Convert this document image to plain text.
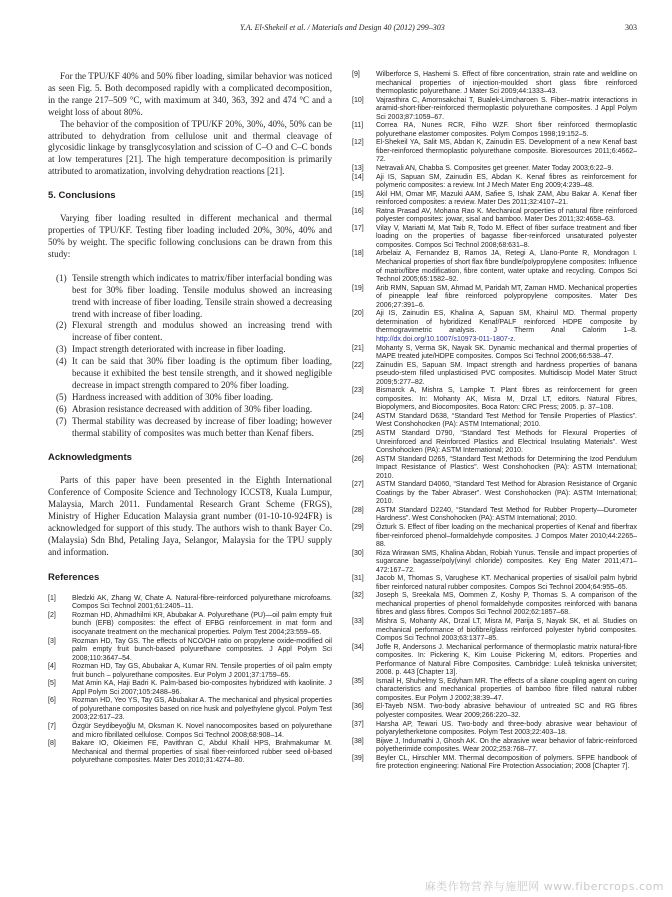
Y.A. El-Shekeil et al. / Materials and Design 40 (2012) 299–303	303

For the TPU/KF 40% and 50% fiber loading, similar behavior was noticed as seen Fig. 5. Both decomposed rapidly with a complicated decomposition, in the range 217–509 °C, with maximum at 340, 363, 392 and 474 °C and a weight loss of about 80%.

The behavior of the composition of TPU/KF 20%, 30%, 40%, 50% can be attributed to dehydration from cellulose unit and thermal cleavage of glycosidic linkage by transglycosylation and scission of C–O and C–C bonds at low temperatures [21]. The high temperature decomposition is primarily attributed to aromatization, involving dehydration reactions [21].

5. Conclusions

Varying fiber loading resulted in different mechanical and thermal properties of TPU/KF. Testing fiber loading included 20%, 30%, 40% and 50% by weight. The specific following conclusions can be drawn from this study:

(1) Tensile strength which indicates to matrix/fiber interfacial bonding was best for 30% fiber loading. Tensile modulus showed an increasing trend with increase of fiber loading. Tensile strain showed a decreasing trend with increase of fiber loading.
(2) Flexural strength and modulus showed an increasing trend with increase of fiber content.
(3) Impact strength deteriorated with increase in fiber loading.
(4) It can be said that 30% fiber loading is the optimum fiber loading, because it exhibited the best tensile strength, and it showed negligible decrease in impact strength compared to 20% fiber loading.
(5) Hardness increased with addition of 30% fiber loading.
(6) Abrasion resistance decreased with addition of 30% fiber loading.
(7) Thermal stability was decreased by increase of fiber loading; however thermal stability of composites was much better than Kenaf fibers.
Acknowledgments

Parts of this paper have been presented in the Eighth International Conference of Composite Science and Technology ICCST8, Kuala Lumpur, Malaysia, March 2011. Fundamental Research Grant Scheme (FRGS), Ministry of Higher Education Malaysia grant number (01-10-10-924FR) is acknowledged for support of this study. The authors wish to thank Bayer Co. (Malaysia) Sdn Bhd, Petaling Jaya, Selangor, Malaysia for the TPU supply and information.

References
[1] Bledzki AK, Zhang W, Chate A. Natural-fibre-reinforced polyurethane microfoams. Compos Sci Technol 2001;61:2405–11.
[2] Rozman HD, Ahmadhilmi KR, Abubakar A. Polyurethane (PU)—oil palm empty fruit bunch (EFB) composites: the effect of EFBG reinforcement in mat form and isocyanate treatment on the mechanical properties. Polym Test 2004;23:559–65.
[3] Rozman HD, Tay GS. The effects of NCO/OH ratio on propylene oxide-modified oil palm empty fruit bunch-based polyurethane composites. J Appl Polym Sci 2008;110:3647–54.
[4] Rozman HD, Tay GS, Abubakar A, Kumar RN. Tensile properties of oil palm empty fruit bunch – polyurethane composites. Eur Polym J 2001;37:1759–65.
[5] Mat Amin KA, Haji Badri K. Palm-based bio-composites hybridized with kaolinite. J Appl Polym Sci 2007;105:2488–96.
[6] Rozman HD, Yeo YS, Tay GS, Abubakar A. The mechanical and physical properties of polyurethane composites based on rice husk and polyethylene glycol. Polym Test 2003;22:617–23.
[7] Özgür Seydibeyoğlu M, Oksman K. Novel nanocomposites based on polyurethane and micro fibrillated cellulose. Compos Sci Technol 2008;68:908–14.
[8] Bakare IO, Okieimen FE, Pavithran C, Abdul Khalil HPS, Brahmakumar M. Mechanical and thermal properties of sisal fiber-reinforced rubber seed oil-based polyurethane composites. Mater Des 2010;31:4274–80.
[9] Wilberforce S, Hashemi S. Effect of fibre concentration, strain rate and weldline on mechanical properties of injection-moulded short glass fibre reinforced thermoplastic polyurethane. J Mater Sci 2009;44:1333–43.
[10] Vajrasthira C, Amornsakchai T, Bualek-Limcharoen S. Fiber–matrix interactions in aramid-short-fiber-reinforced thermoplastic polyurethane composites. J Appl Polym Sci 2003;87:1059–67.
[11] Correa RA, Nunes RCR, Filho WZF. Short fiber reinforced thermoplastic polyurethane elastomer composites. Polym Compos 1998;19:152–5.
[12] El-Shekeil YA, Salit MS, Abdan K, Zainudin ES. Development of a new Kenaf bast fiber-reinforced thermoplastic polyurethane composite. Bioresources 2011;6:4662–72.
[13] Netravali AN, Chabba S. Composites get greener. Mater Today 2003;6:22–9.
[14] Aji IS, Sapuan SM, Zainudin ES, Abdan K. Kenaf fibres as reinforcement for polymeric composites: a review. Int J Mech Mater Eng 2009;4:239–48.
[15] Akil HM, Omar MF, Mazuki AAM, Safiee S, Ishak ZAM, Abu Bakar A. Kenaf fiber reinforced composites: a review. Mater Des 2011;32:4107–21.
[16] Ratna Prasad AV, Mohana Rao K. Mechanical properties of natural fibre reinforced polyester composites: jowar, sisal and bamboo. Mater Des 2011;32:4658–63.
[17] Vilay V, Mariatti M, Mat Taib R, Todo M. Effect of fiber surface treatment and fiber loading on the properties of bagasse fiber-reinforced unsaturated polyester composites. Compos Sci Technol 2008;68:631–8.
[18] Arbelaiz A, Fernandez B, Ramos JA, Retegi A, Llano-Ponte R, Mondragon I. Mechanical properties of short flax fibre bundle/polypropylene composites: Influence of matrix/fibre modification, fibre content, water uptake and recycling. Compos Sci Technol 2005;65:1582–92.
[19] Arib RMN, Sapuan SM, Ahmad M, Paridah MT, Zaman HMD. Mechanical properties of pineapple leaf fibre reinforced polypropylene composites. Mater Des 2006;27:391–6.
[20] Aji IS, Zainudin ES, Khalina A, Sapuan SM, Khairul MD. Thermal property determination of hybridized Kenaf/PALF reinforced HDPE composite by thermogravimetric analysis. J Therm Anal Calorim 1–8. http://dx.doi.org/10.1007/s10973-011-1807-z.
[21] Mohanty S, Verma SK, Nayak SK. Dynamic mechanical and thermal properties of MAPE treated jute/HDPE composites. Compos Sci Technol 2006;66:538–47.
[22] Zainudin ES, Sapuan SM. Impact strength and hardness properties of banana pseudo-stem filled unplasticised PVC composites. Multidiscip Model Mater Struct 2009;5:277–82.
[23] Bismarck A, Mishra S, Lampke T. Plant fibres as reinforcement for green composites. In: Mohanty AK, Misra M, Drzal LT, editors. Natural Fibres, Biopolymers, and Biocomposites. Boca Raton: CRC Press; 2005. p. 37–108.
[24] ASTM Standard D638, “Standard Test Method for Tensile Properties of Plastics”. West Conshohocken (PA): ASTM International; 2010.
[25] ASTM Standard D790, “Standard Test Methods for Flexural Properties of Unreinforced and Reinforced Plastics and Electrical Insulating Materials”. West Conshohocken (PA): ASTM International; 2010.
[26] ASTM Standard D265, “Standard Test Methods for Determining the Izod Pendulum Impact Resistance of Plastics”. West Conshohocken (PA): ASTM International; 2010.
[27] ASTM Standard D4060, “Standard Test Method for Abrasion Resistance of Organic Coatings by the Taber Abraser”. West Conshohocken (PA): ASTM International; 2010.
[28] ASTM Standard D2240, “Standard Test Method for Rubber Property—Durometer Hardness”. West Conshohocken (PA): ASTM International; 2010.
[29] Özturk S. Effect of fiber loading on the mechanical properties of Kenaf and fiberfrax fiber-reinforced phenol–formaldehyde composites. J Compos Mater 2010;44:2265–88.
[30] Riza Wirawan SMS, Khalina Abdan, Robiah Yunus. Tensile and impact properties of sugarcane bagasse/poly(vinyl chloride) composites. Key Eng Mater 2011;471–472:167–72.
[31] Jacob M, Thomas S, Varughese KT. Mechanical properties of sisal/oil palm hybrid fiber reinforced natural rubber composites. Compos Sci Technol 2004;64:955–65.
[32] Joseph S, Sreekala MS, Oommen Z, Koshy P, Thomas S. A comparison of the mechanical properties of phenol formaldehyde composites reinforced with banana fibres and glass fibres. Compos Sci Technol 2002;62:1857–68.
[33] Mishra S, Mohanty AK, Drzal LT, Misra M, Parija S, Nayak SK, et al. Studies on mechanical performance of biofibre/glass reinforced polyester hybrid composites. Compos Sci Technol 2003;63:1377–85.
[34] Joffe R, Andersons J. Mechanical performance of thermoplastic matrix natural-fibre composites. In: Pickering K, Kim Louise Pickering M, editors. Properties and Performance of Natural Fibre Composites. Cambridge: Luleå tekniska universitet; 2008. p. 443 [Chapter 13].
[35] Ismail H, Shuhelmy S, Edyham MR. The effects of a silane coupling agent on curing characteristics and mechanical properties of bamboo fibre filled natural rubber composites. Eur Polym J 2002;38:39–47.
[36] El-Tayeb NSM. Two-body abrasive behaviour of untreated SC and RG fibres polyester composites. Wear 2009;266:220–32.
[37] Harsha AP, Tewari US. Two-body and three-body abrasive wear behaviour of polyaryletherketone composites. Polym Test 2003;22:403–18.
[38] Bijwe J, Indumathi J, Ghosh AK. On the abrasive wear behavior of fabric-reinforced polyetherimide composites. Wear 2002;253:768–77.
[39] Beyler CL, Hirschler MM. Thermal decomposition of polymers. SFPE handbook of fire protection engineering: National Fire Protection Association; 2008 [Chapter 7].
麻类作物营养与施肥网 www.fibercrops.com
